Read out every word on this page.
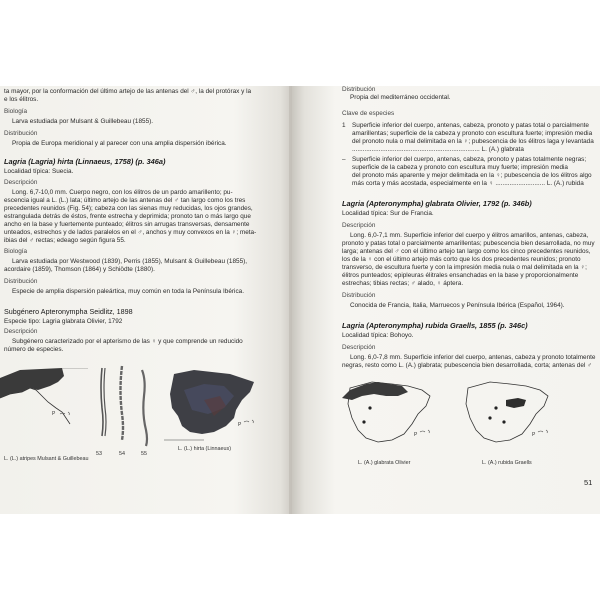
ta mayor, por la conformación del último artejo de las antenas del ♂, la del protórax y la
e los élitros.
Biología
Larva estudiada por Mulsant & Guillebeau (1855).
Distribución
Propia de Europa meridional y al parecer con una amplia dispersión ibérica.
Lagria (Lagria) hirta (Linnaeus, 1758) (p. 346a)
Localidad típica: Suecia.
Descripción
Long. 6,7-10,0 mm. Cuerpo negro, con los élitros de un pardo amarillento; pu-
escencia igual a L. (L.) lata; último artejo de las antenas del ♂ tan largo como los tres
precedentes reunidos (Fig. 54); cabeza con las sienas muy reducidas, los ojos grandes,
estrangulada detrás de éstos, frente estrecha y deprimida; pronoto tan o más largo que
ancho en la base y fuertemente punteado; élitros sin arrugas transversas, densamente
unteados, estrechos y de lados paralelos en el ♂, anchos y muy convexos en la ♀; meta-
ibias del ♂ rectas; edeago según figura 55.
Biología
Larva estudiada por Westwood (1839), Perris (1855), Mulsant & Guillebeau (1855),
acordaire (1859), Thomson (1864) y Schiödte (1880).
Distribución
Especie de amplia dispersión paleártica, muy común en toda la Península Ibérica.
Subgénero Apteronympha Seidlitz, 1898
Especie tipo: Lagria glabrata Olivier, 1792
Descripción
Subgénero caracterizado por el apterismo de las ♀ y que comprende un reducido
número de especies.
P
53	54	55
P
L. (L.) atripes Mulsant & Guillebeau
L. (L.) hirta (Linnaeus)
Distribución
Propia del mediterráneo occidental.
Clave de especies
1 Superficie inferior del cuerpo, antenas, cabeza, pronoto y patas total o parcialmente
amarillentas; superficie de la cabeza y pronoto con escultura fuerte; impresión media
del pronoto nula o mal delimitada en la ♀; pubescencia de los élitros laga y levantada
........................................................................ L. (A.) glabrata
– Superficie inferior del cuerpo, antenas, cabeza, pronoto y patas totalmente negras;
superficie de la cabeza y pronoto con escultura muy fuerte; impresión media
del pronoto más aparente y mejor delimitada en la ♀; pubescencia de los élitros algo
más corta y más acostada, especialmente en la ♀ ............................ L. (A.) rubida
Lagria (Apteronympha) glabrata Olivier, 1792 (p. 346b)
Localidad típica: Sur de Francia.
Descripción
Long. 6,0-7,1 mm. Superficie inferior del cuerpo y élitros amarillos, antenas, cabeza,
pronoto y patas total o parcialmente amarillentas; pubescencia bien desarrollada, no muy
larga; antenas del ♂ con el último artejo tan largo como los cinco precedentes reunidos,
los de la ♀ con el último artejo más corto que los dos precedentes reunidos; pronoto
transverso, de escultura fuerte y con la impresión media nula o mal delimitada en la ♀;
élitros punteados; epipleuras élitrales ensanchadas en la base y proporcionalmente
estrechas; tibias rectas; ♂ alado, ♀ áptera.
Distribución
Conocida de Francia, Italia, Marruecos y Península Ibérica (Español, 1964).
Lagria (Apteronympha) rubida Graells, 1855 (p. 346c)
Localidad típica: Bohoyo.
Descripción
Long. 6,0-7,8 mm. Superficie inferior del cuerpo, antenas, cabeza y pronoto totalmente
negras, resto como L. (A.) glabrata; pubescencia bien desarrollada, corta; antenas del ♂
P	P
L. (A.) glabrata Olivier	L. (A.) rubida Graells
51
